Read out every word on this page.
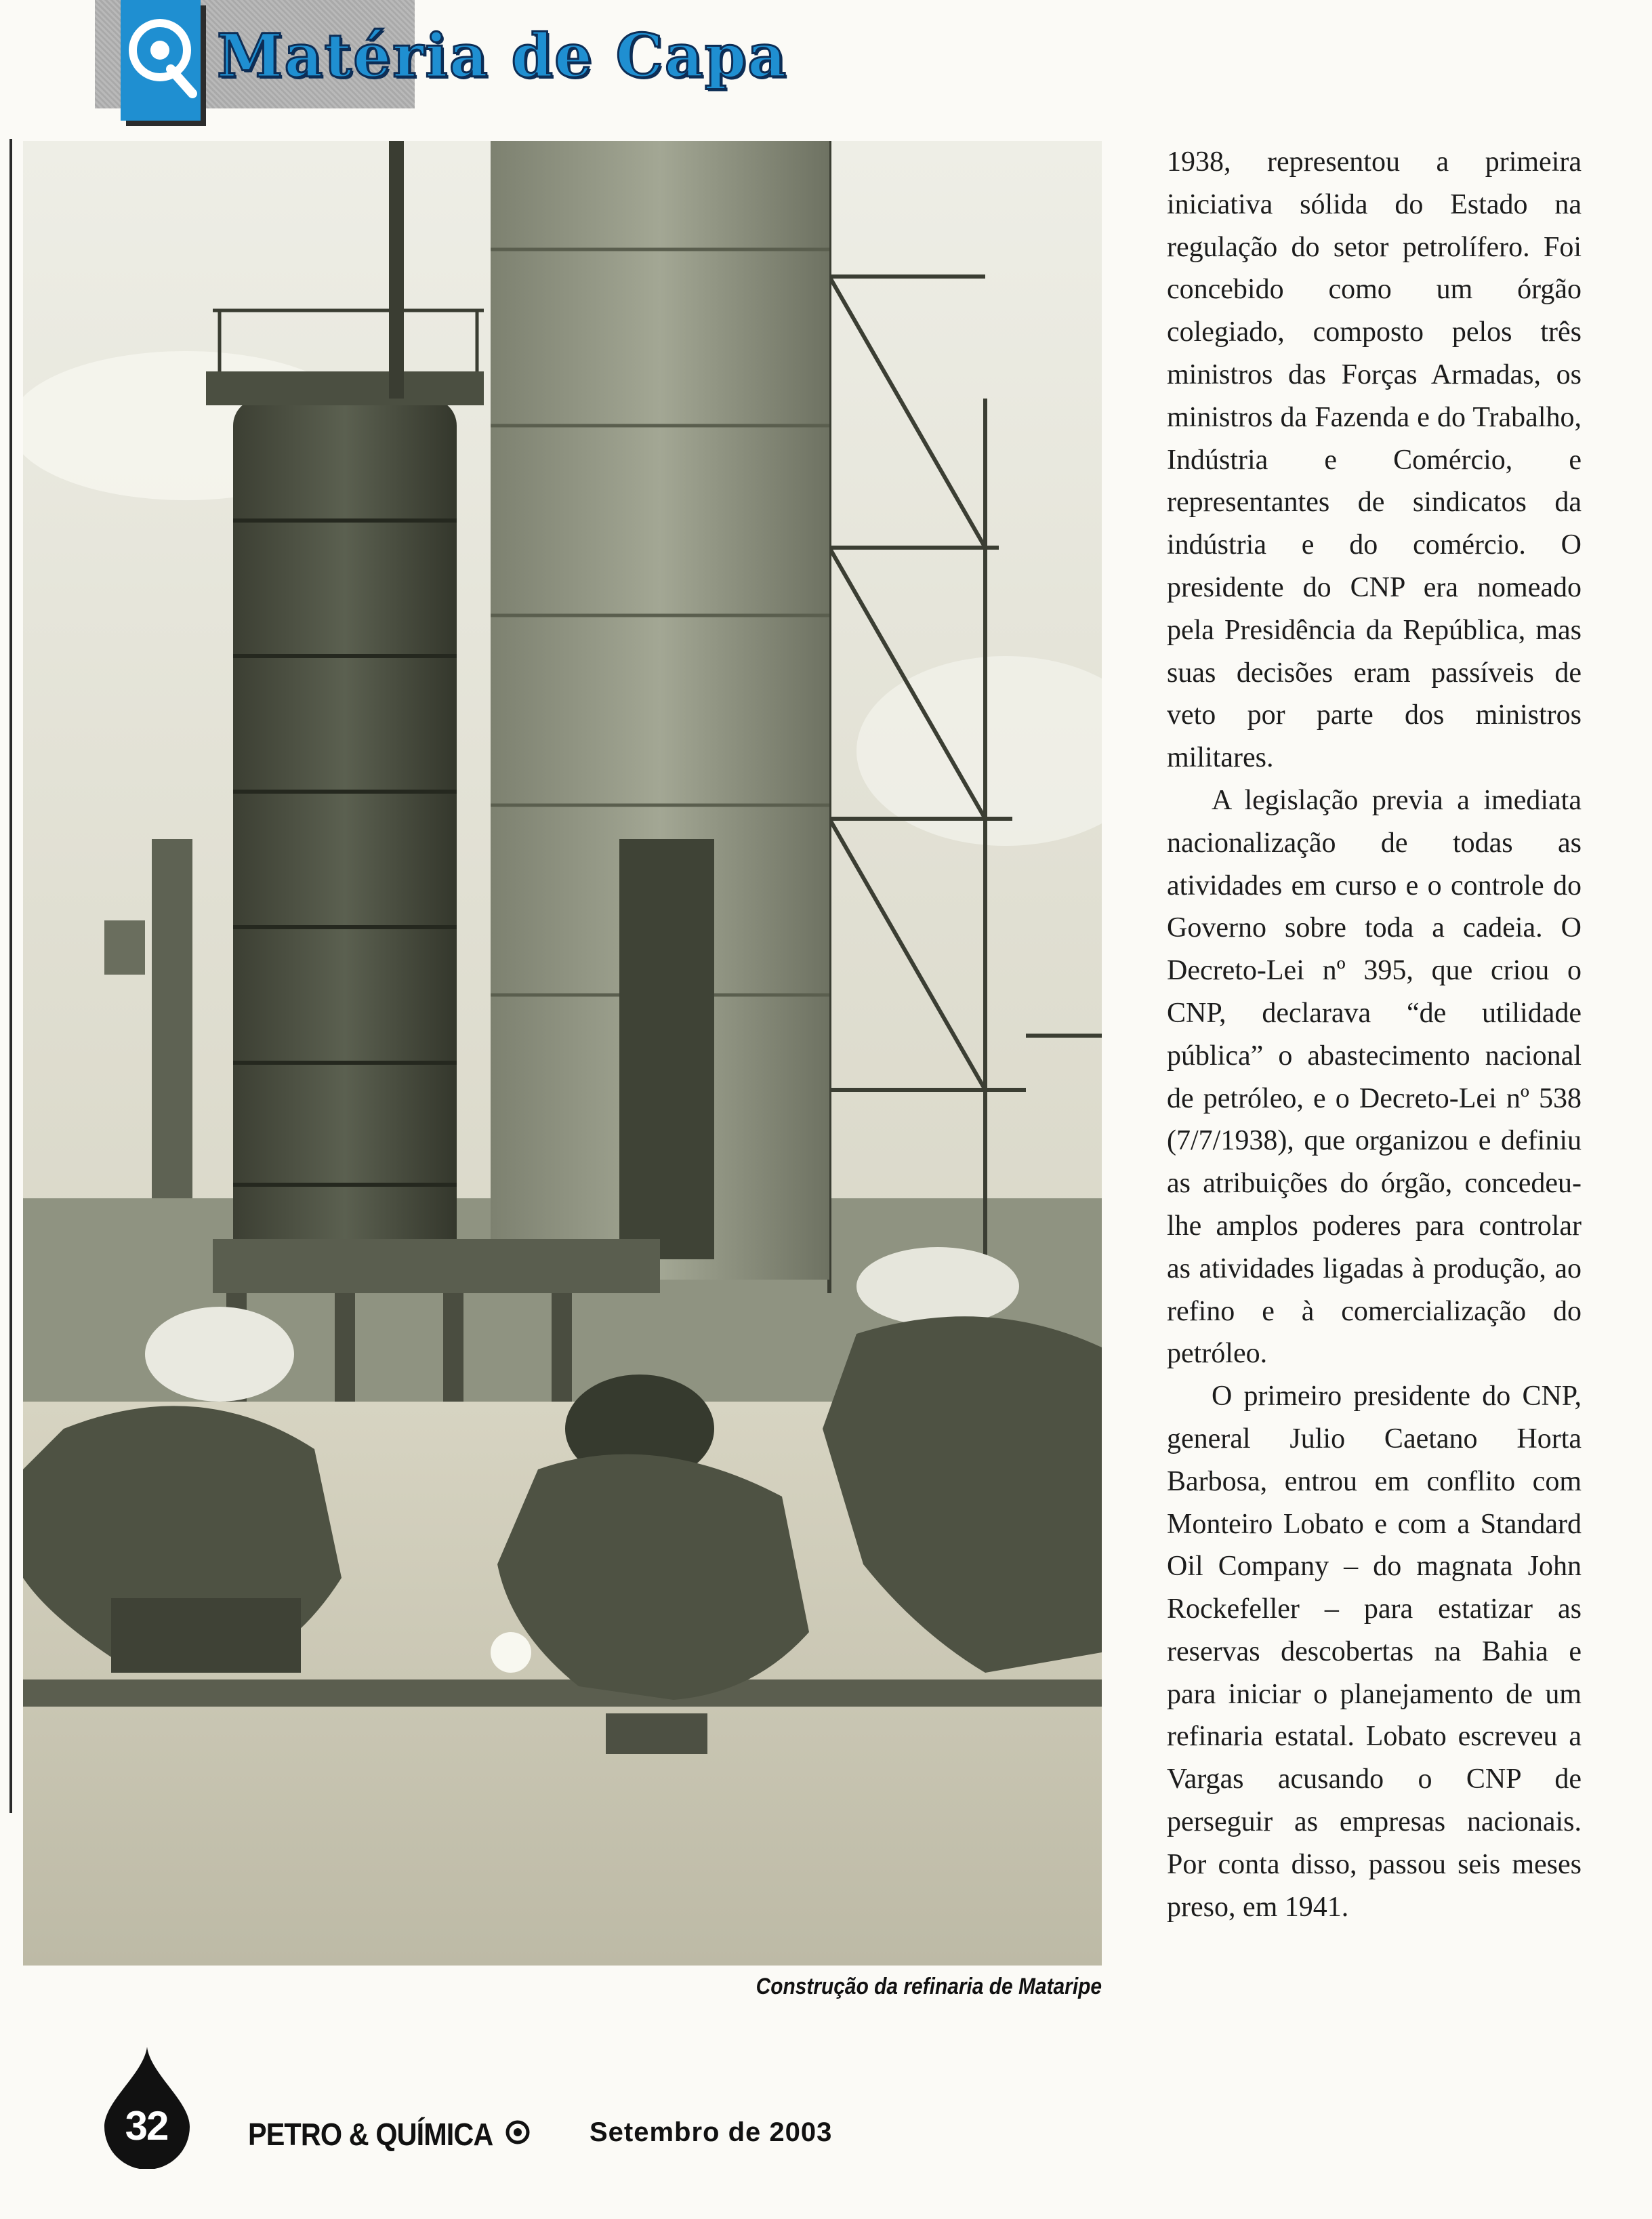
Matéria de Capa

Construção da refinaria de Mataripe

1938, representou a primeira iniciativa sólida do Estado na regulação do setor petrolífero. Foi concebido como um órgão colegiado, composto pelos três ministros das Forças Armadas, os ministros da Fazenda e do Trabalho, Indústria e Comércio, e representantes de sindicatos da indústria e do comércio. O presidente do CNP era nomeado pela Presidência da República, mas suas decisões eram passíveis de veto por parte dos ministros militares.

A legislação previa a imediata nacionalização de todas as atividades em curso e o controle do Governo sobre toda a cadeia. O Decreto-Lei nº 395, que criou o CNP, declarava “de utilidade pública” o abastecimento nacional de petróleo, e o Decreto-Lei nº 538 (7/7/1938), que organizou e definiu as atribuições do órgão, concedeu-lhe amplos poderes para controlar as atividades ligadas à produção, ao refino e à comercialização do petróleo.

O primeiro presidente do CNP, general Julio Caetano Horta Barbosa, entrou em conflito com Monteiro Lobato e com a Standard Oil Company – do magnata John Rockefeller – para estatizar as reservas descobertas na Bahia e para iniciar o planejamento de um refinaria estatal. Lobato escreveu a Vargas acusando o CNP de perseguir as empresas nacionais. Por conta disso, passou seis meses preso, em 1941.

32	PETRO & QUÍMICA	Setembro de 2003
